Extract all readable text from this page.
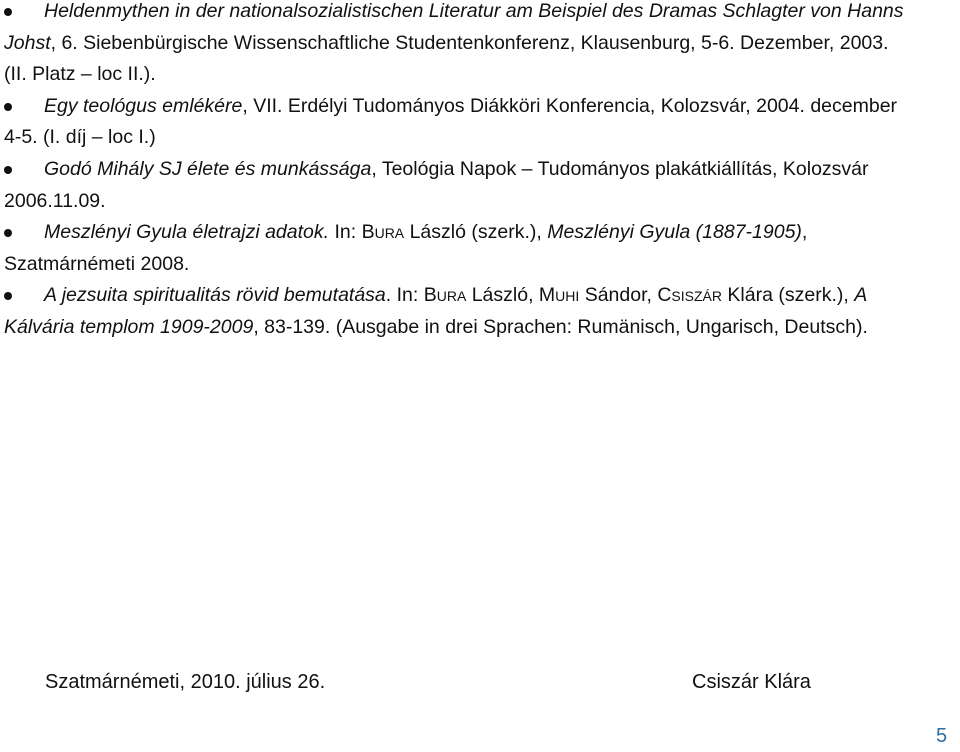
Heldenmythen in der nationalsozialistischen Literatur am Beispiel des Dramas Schlagter von Hanns Johst, 6. Siebenbürgische Wissenschaftliche Studentenkonferenz, Klausenburg, 5-6. Dezember, 2003. (II. Platz – loc II.).
Egy teológus emlékére, VII. Erdélyi Tudományos Diákköri Konferencia, Kolozsvár, 2004. december 4-5. (I. díj – loc I.)
Godó Mihály SJ élete és munkássága, Teológia Napok – Tudományos plakátkiállítás, Kolozsvár 2006.11.09.
Meszlényi Gyula életrajzi adatok. In: Bura László (szerk.), Meszlényi Gyula (1887-1905), Szatmárnémeti 2008.
A jezsuita spiritualitás rövid bemutatása. In: Bura László, Muhi Sándor, Csiszár Klára (szerk.), A Kálvária templom 1909-2009, 83-139. (Ausgabe in drei Sprachen: Rumänisch, Ungarisch, Deutsch).
Szatmárnémeti, 2010. július 26.	Csiszár Klára
5
